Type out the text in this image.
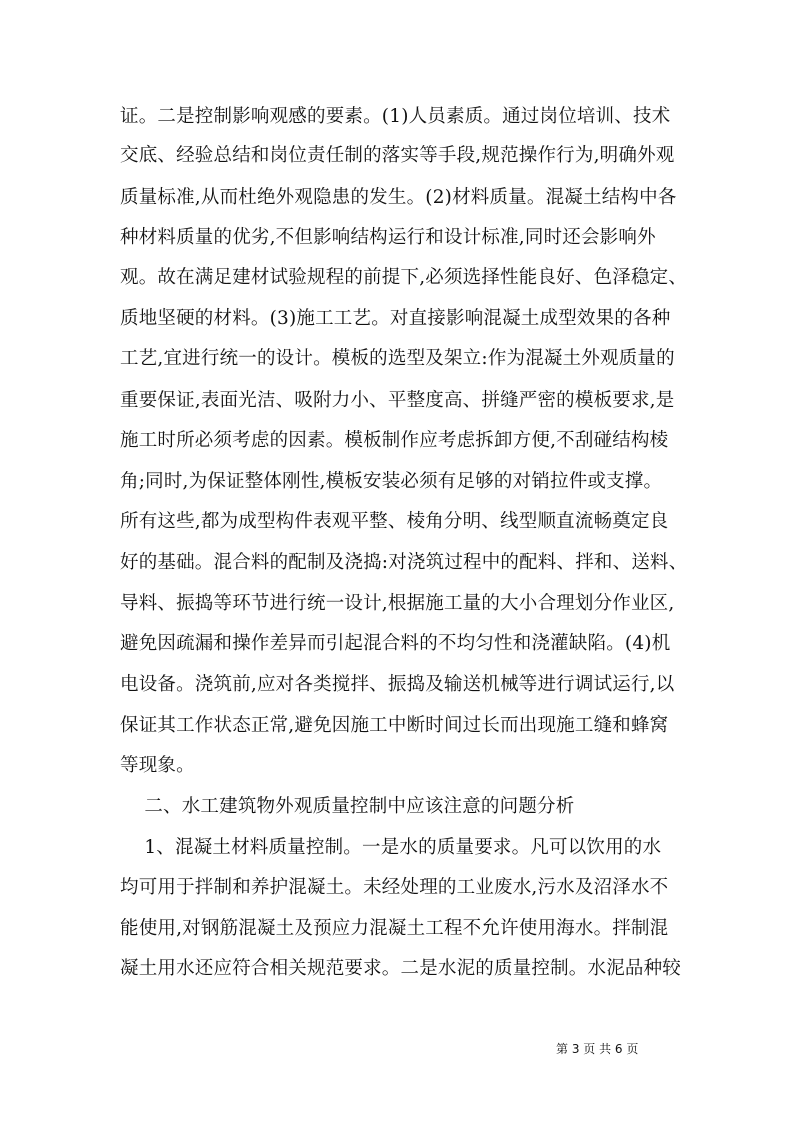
证。二是控制影响观感的要素。(1)人员素质。通过岗位培训、技术
交底、经验总结和岗位责任制的落实等手段,规范操作行为,明确外观
质量标准,从而杜绝外观隐患的发生。(2)材料质量。混凝土结构中各
种材料质量的优劣,不但影响结构运行和设计标准,同时还会影响外
观。故在满足建材试验规程的前提下,必须选择性能良好、色泽稳定、
质地坚硬的材料。(3)施工工艺。对直接影响混凝土成型效果的各种
工艺,宜进行统一的设计。模板的选型及架立:作为混凝土外观质量的
重要保证,表面光洁、吸附力小、平整度高、拼缝严密的模板要求,是
施工时所必须考虑的因素。模板制作应考虑拆卸方便,不刮碰结构棱
角;同时,为保证整体刚性,模板安装必须有足够的对销拉件或支撑。
所有这些,都为成型构件表观平整、棱角分明、线型顺直流畅奠定良
好的基础。混合料的配制及浇捣:对浇筑过程中的配料、拌和、送料、
导料、振捣等环节进行统一设计,根据施工量的大小合理划分作业区,
避免因疏漏和操作差异而引起混合料的不均匀性和浇灌缺陷。(4)机
电设备。浇筑前,应对各类搅拌、振捣及输送机械等进行调试运行,以
保证其工作状态正常,避免因施工中断时间过长而出现施工缝和蜂窝
等现象。
二、水工建筑物外观质量控制中应该注意的问题分析
1、混凝土材料质量控制。一是水的质量要求。凡可以饮用的水
均可用于拌制和养护混凝土。未经处理的工业废水,污水及沼泽水不
能使用,对钢筋混凝土及预应力混凝土工程不允许使用海水。拌制混
凝土用水还应符合相关规范要求。二是水泥的质量控制。水泥品种较
第 3 页 共 6 页
